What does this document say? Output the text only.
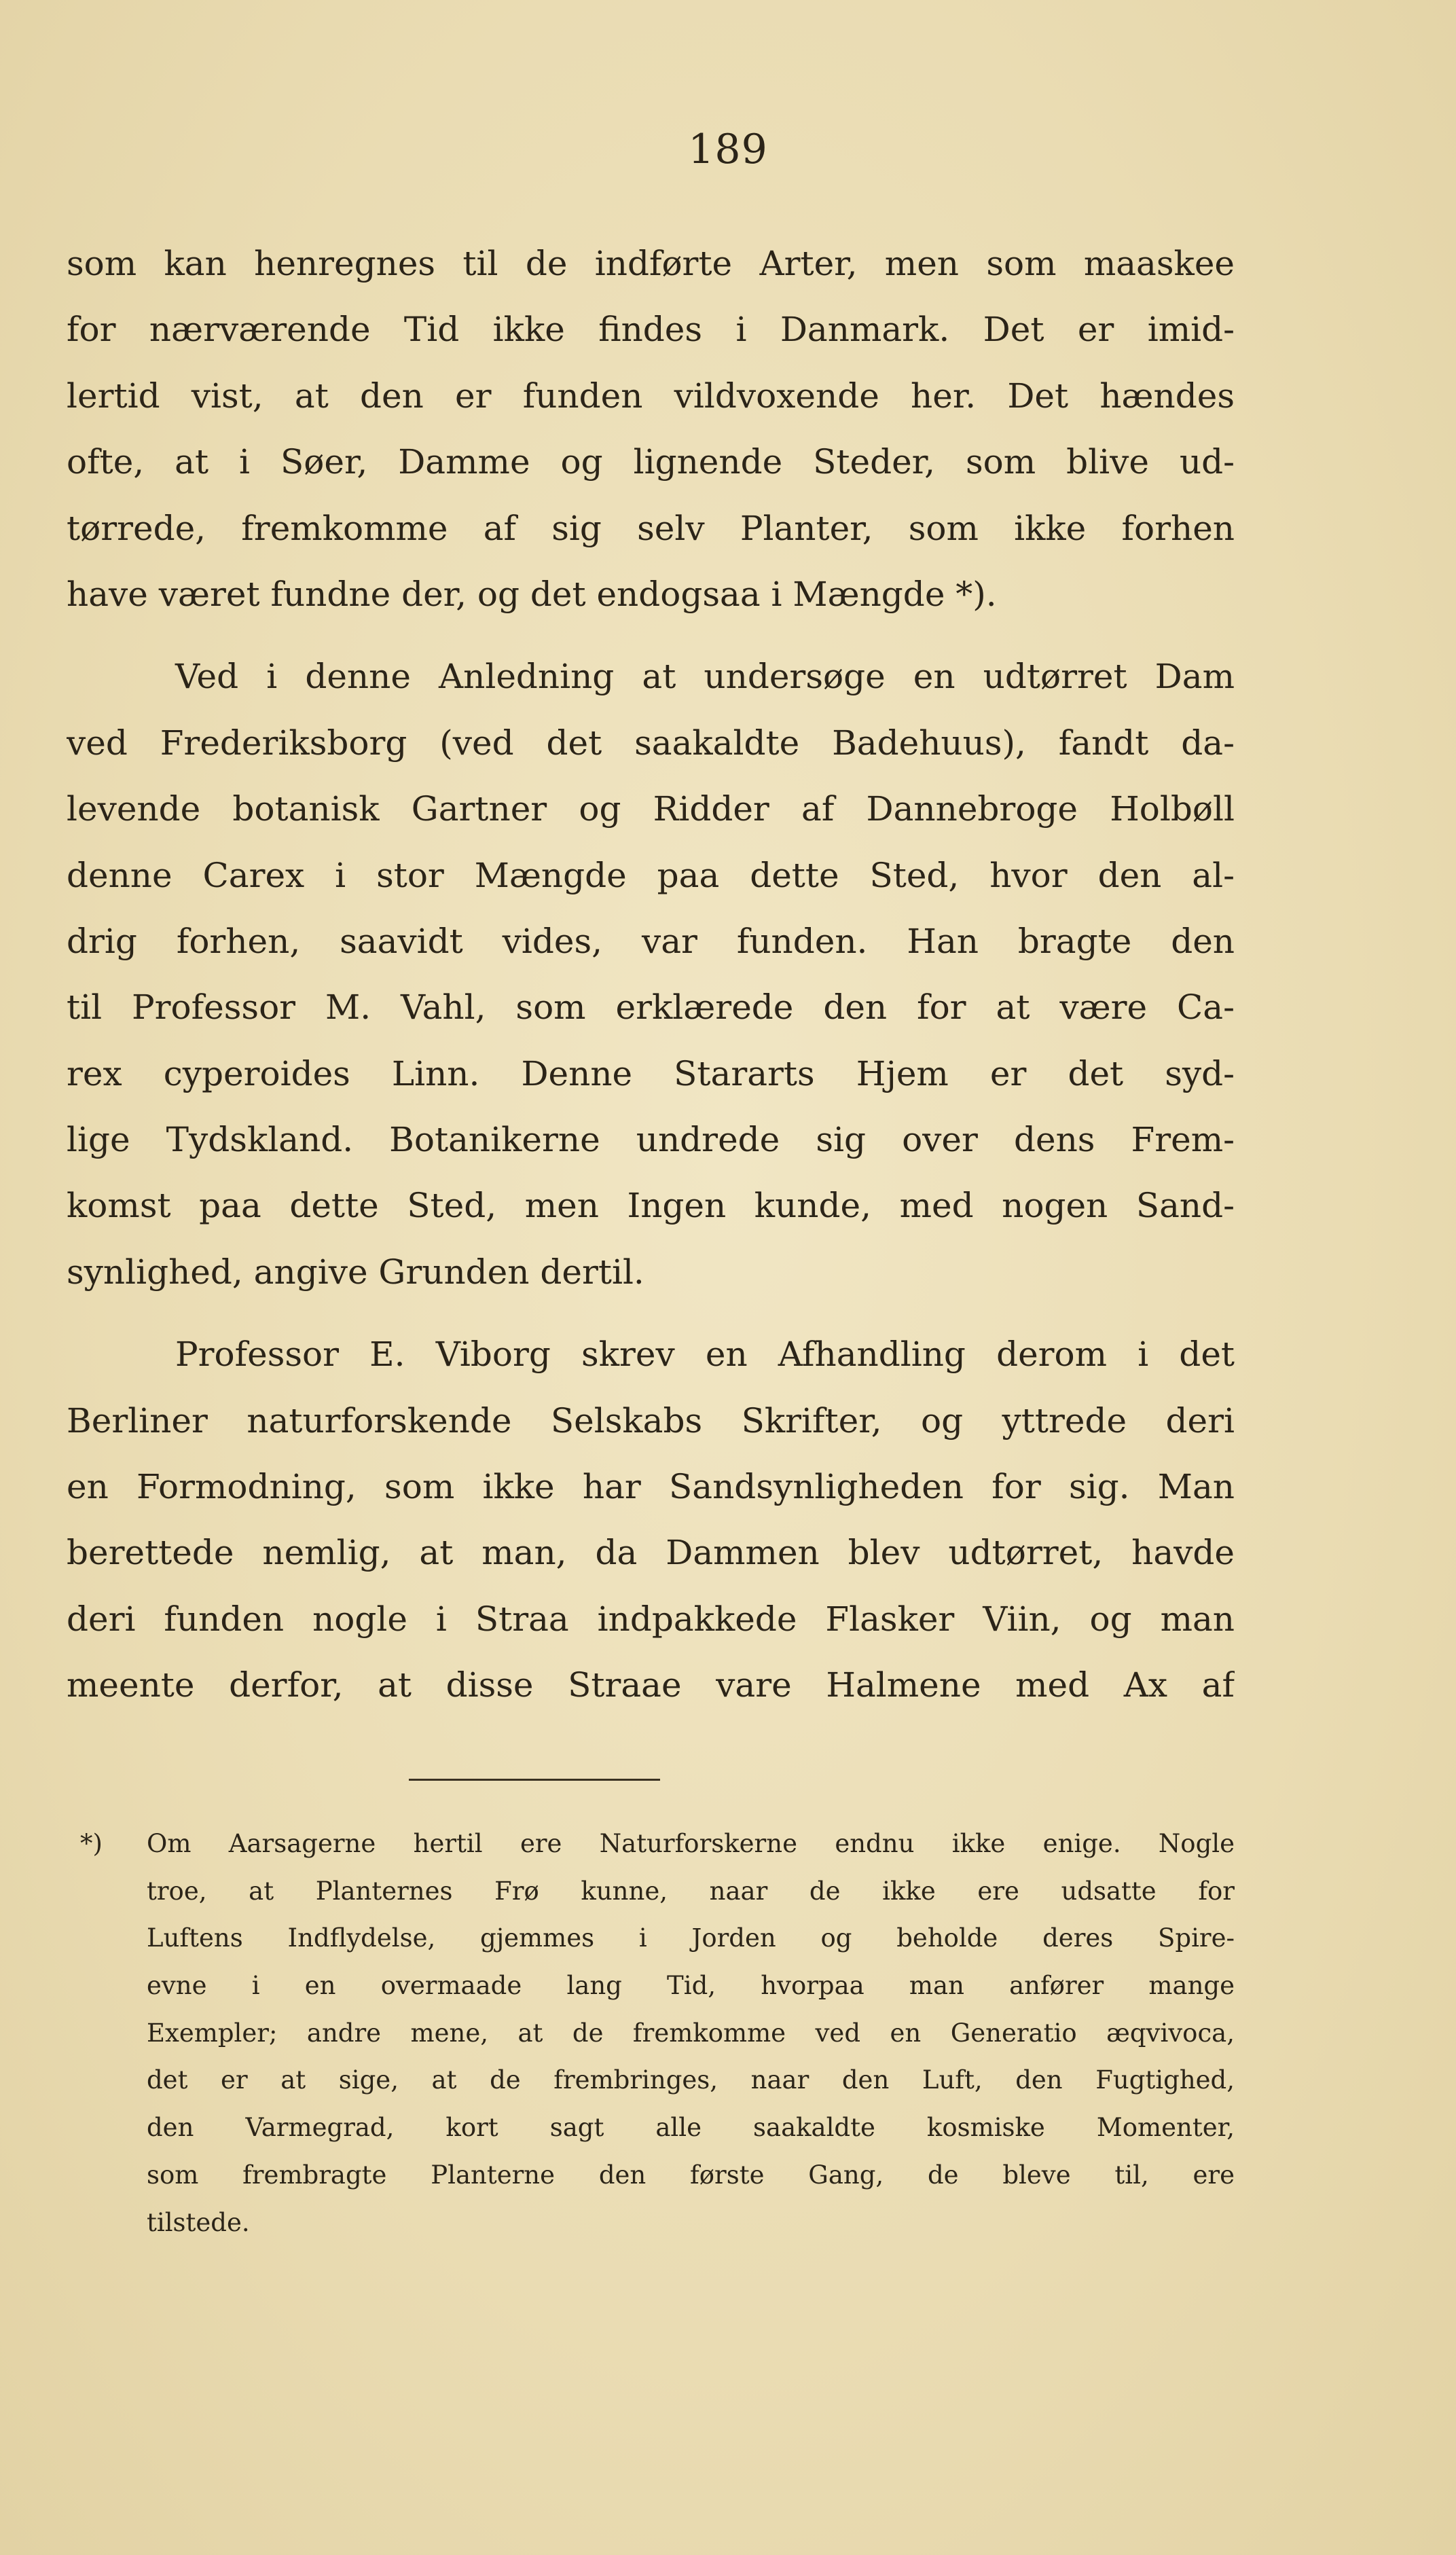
189
som kan henregnes til de indførte Arter, men som maaskee
for nærværende Tid ikke findes i Danmark. Det er imid-
lertid vist, at den er funden vildvoxende her. Det hændes
ofte, at i Søer, Damme og lignende Steder, som blive ud-
tørrede, fremkomme af sig selv Planter, som ikke forhen
have været fundne der, og det endogsaa i Mængde *).
Ved i denne Anledning at undersøge en udtørret Dam
ved Frederiksborg (ved det saakaldte Badehuus), fandt da-
levende botanisk Gartner og Ridder af Dannebroge Holbøll
denne Carex i stor Mængde paa dette Sted, hvor den al-
drig forhen, saavidt vides, var funden. Han bragte den
til Professor M. Vahl, som erklærede den for at være Ca-
rex cyperoides Linn. Denne Stararts Hjem er det syd-
lige Tydskland. Botanikerne undrede sig over dens Frem-
komst paa dette Sted, men Ingen kunde, med nogen Sand-
synlighed, angive Grunden dertil.
Professor E. Viborg skrev en Afhandling derom i det
Berliner naturforskende Selskabs Skrifter, og yttrede deri
en Formodning, som ikke har Sandsynligheden for sig. Man
berettede nemlig, at man, da Dammen blev udtørret, havde
deri funden nogle i Straa indpakkede Flasker Viin, og man
meente derfor, at disse Straae vare Halmene med Ax af
*) Om Aarsagerne hertil ere Naturforskerne endnu ikke enige. Nogle
troe, at Planternes Frø kunne, naar de ikke ere udsatte for
Luftens Indflydelse, gjemmes i Jorden og beholde deres Spire-
evne i en overmaade lang Tid, hvorpaa man anfører mange
Exempler; andre mene, at de fremkomme ved en Generatio æqvivoca,
det er at sige, at de frembringes, naar den Luft, den Fugtighed,
den Varmegrad, kort sagt alle saakaldte kosmiske Momenter,
som frembragte Planterne den første Gang, de bleve til, ere
tilstede.
